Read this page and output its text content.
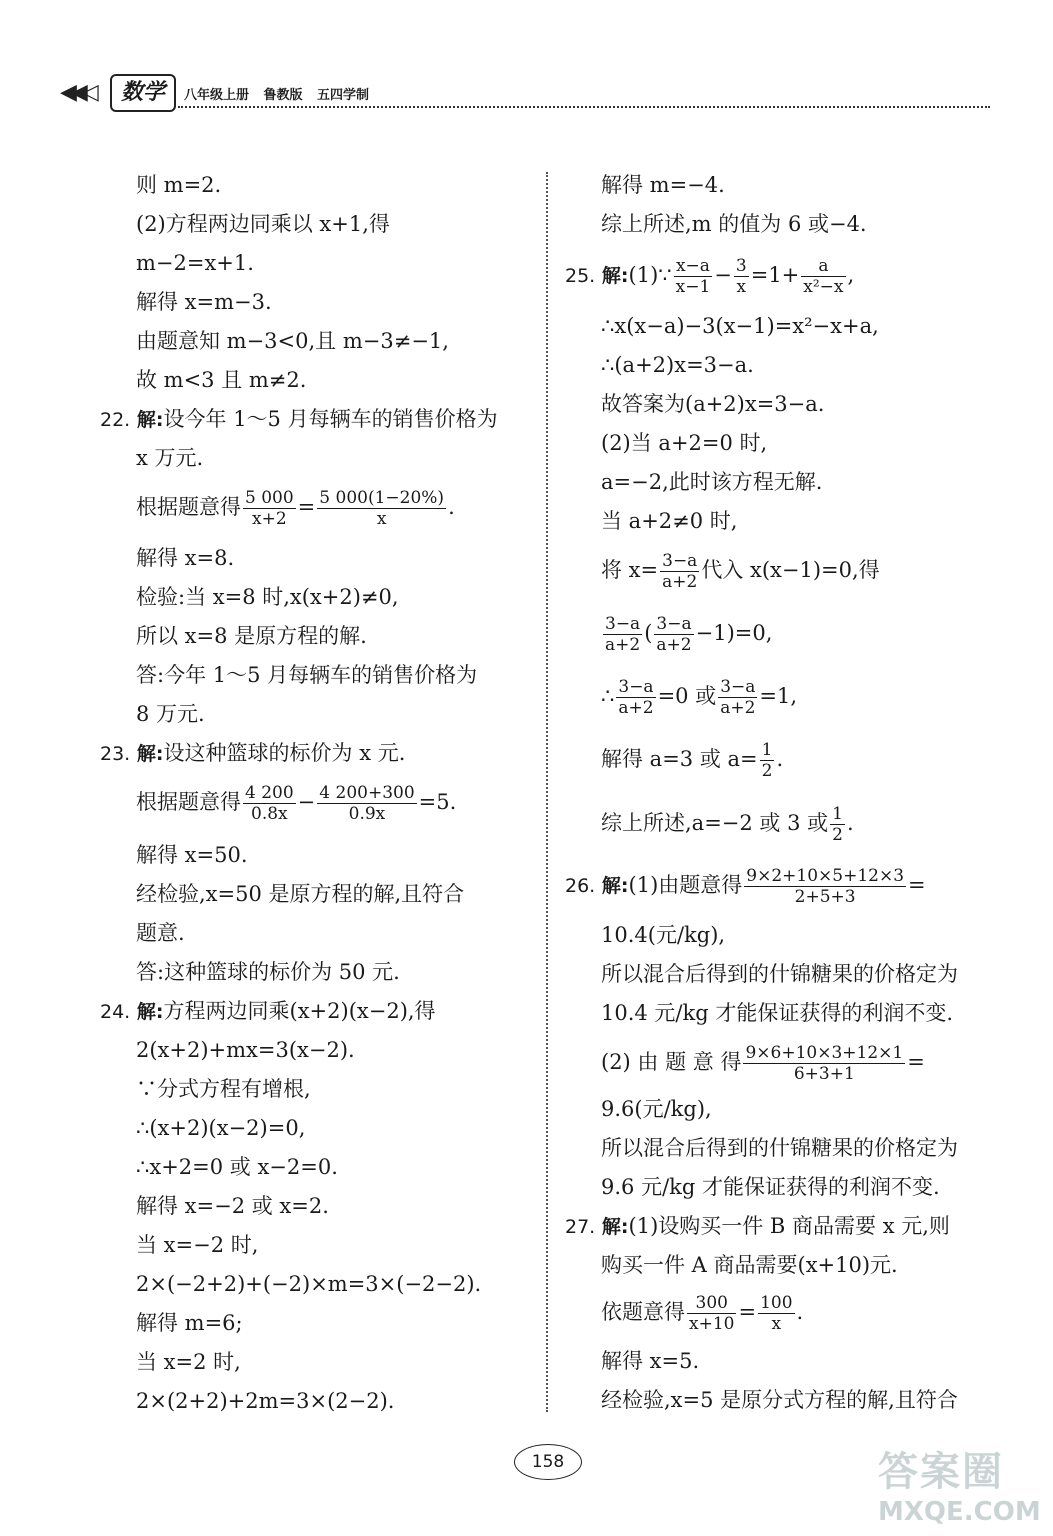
◀◀◁	数学	八年级上册 鲁教版 五四学制
则 m=2.
(2)方程两边同乘以 x+1,得
m−2=x+1.
解得 x=m−3.
由题意知 m−3<0,且 m−3≠−1,
故 m<3 且 m≠2.
22. 解:设今年 1～5 月每辆车的销售价格为
x 万元.
根据题意得 $\frac{5 000}{x+2} = \frac{5 000(1-20\%)}{x}$ .
解得 x=8.
检验:当 x=8 时,x(x+2)≠0,
所以 x=8 是原方程的解.
答:今年 1～5 月每辆车的销售价格为
8 万元.
23. 解:设这种篮球的标价为 x 元.
根据题意得 $\frac{4 200}{0.8x} - \frac{4 200+300}{0.9x} =5$.
解得 x=50.
经检验,x=50 是原方程的解,且符合
题意.
答:这种篮球的标价为 50 元.
24. 解:方程两边同乘(x+2)(x−2),得
2(x+2)+mx=3(x−2).
∵分式方程有增根,
∴(x+2)(x−2)=0,
∴x+2=0 或 x−2=0.
解得 x=−2 或 x=2.
当 x=−2 时,
2×(−2+2)+(−2)×m=3×(−2−2).
解得 m=6;
当 x=2 时,
2×(2+2)+2m=3×(2−2).
解得 m=−4.
综上所述,m 的值为 6 或−4.
25. 解:(1)∵ $\frac{x-a}{x-1} - \frac{3}{x} =1+ \frac{a}{\text{x²−x}}$ ,
∴x(x−a)−3(x−1)=x²−x+a,
∴(a+2)x=3−a.
故答案为(a+2)x=3−a.
(2)当 a+2=0 时,
a=−2,此时该方程无解.
当 a+2≠0 时,
将 $x= \frac{3-a}{a+2}$ 代入 x(x−1)=0,得
$\frac{3-a}{a+2}$ ( $\frac{3-a}{a+2} -1)=0$,
∴ $\frac{3-a}{a+2} =0$ 或 $\frac{3-a}{a+2} =1$,
解得 a=3 或 $a= \frac{1}{2}$ .
综上所述,a=−2 或 3 或 $\frac{1}{2}$ .
26. 解:(1)由题意得 $\frac{9\times 2+10\times 5+12\times 3}{2+5+3}$ =
10.4(元/kg),
所以混合后得到的什锦糖果的价格定为
10.4 元/kg 才能保证获得的利润不变.
(2) 由 题 意 得 $\frac{9\times 6+10\times 3+12\times 1}{6+3+1}$ =
9.6(元/kg),
所以混合后得到的什锦糖果的价格定为
9.6 元/kg 才能保证获得的利润不变.
27. 解:(1)设购买一件 B 商品需要 x 元,则
购买一件 A 商品需要(x+10)元.
依题意得 $\frac{300}{x+10} = \frac{100}{x}$ .
解得 x=5.
经检验,x=5 是原分式方程的解,且符合
158	答案圈
MXQE.COM
